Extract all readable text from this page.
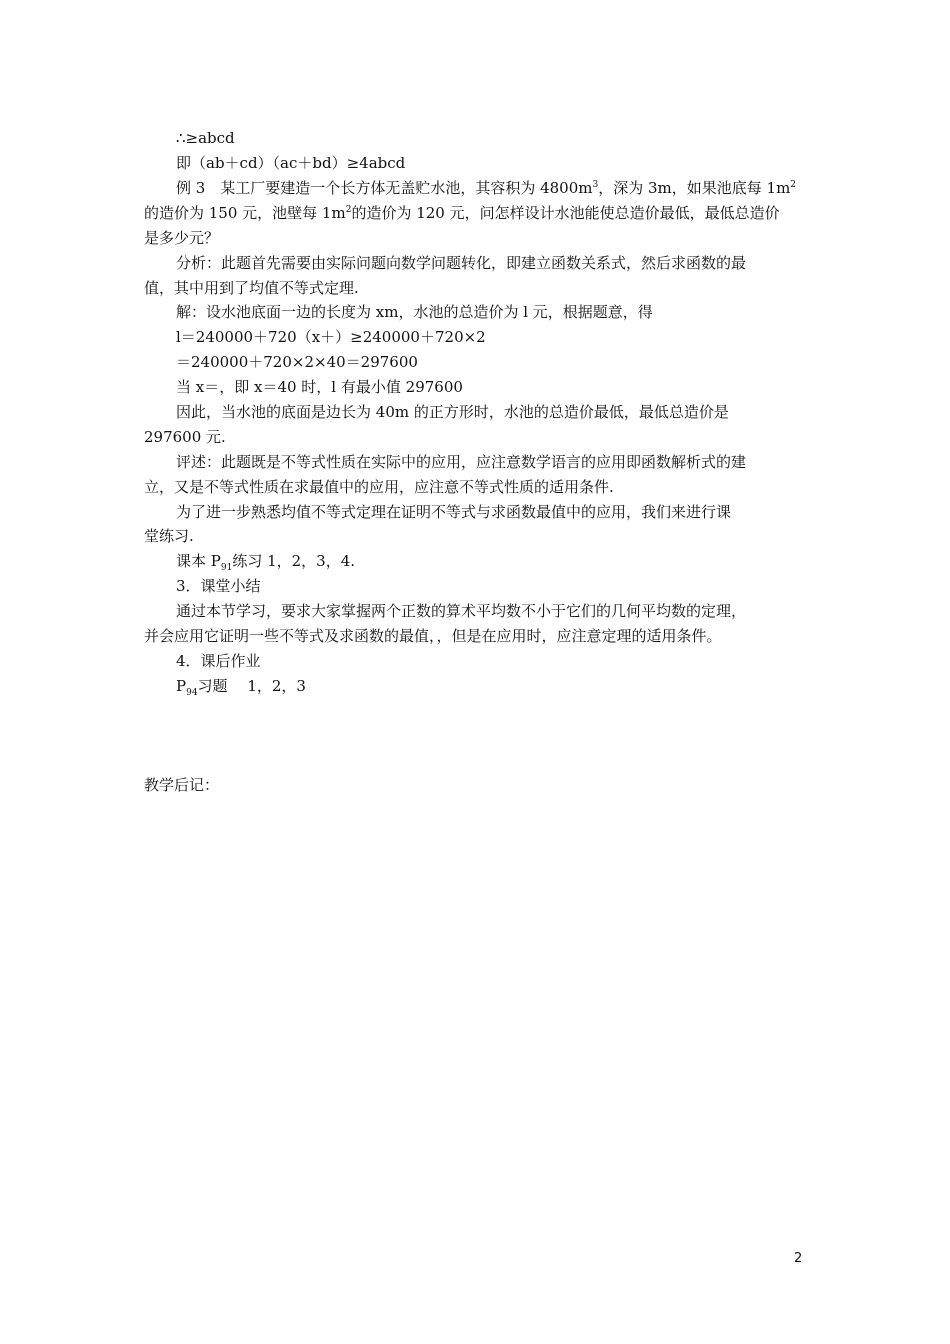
∴≥abcd
即（ab＋cd）（ac＋bd）≥4abcd
例 3　某工厂要建造一个长方体无盖贮水池，其容积为 $4800m^3$，深为 3m，如果池底每 $1m^2$
的造价为 150 元，池壁每 $1m^2$的造价为 120 元，问怎样设计水池能使总造价最低，最低总造价
是多少元？
分析：此题首先需要由实际问题向数学问题转化，即建立函数关系式，然后求函数的最
值，其中用到了均值不等式定理.
解：设水池底面一边的长度为 xm，水池的总造价为 l 元，根据题意，得
l＝240000＋720（x＋）≥240000＋720×2
＝240000＋720×2×40＝297600
当 x＝，即 x＝40 时，l 有最小值 297600
因此，当水池的底面是边长为 40m 的正方形时，水池的总造价最低，最低总造价是
297600 元.
评述：此题既是不等式性质在实际中的应用，应注意数学语言的应用即函数解析式的建
立，又是不等式性质在求最值中的应用，应注意不等式性质的适用条件.
为了进一步熟悉均值不等式定理在证明不等式与求函数最值中的应用，我们来进行课
堂练习.
课本 $P_{91}$练习 1，2，3，4.
3．课堂小结
通过本节学习，要求大家掌握两个正数的算术平均数不小于它们的几何平均数的定理，
并会应用它证明一些不等式及求函数的最值，，但是在应用时，应注意定理的适用条件。
4．课后作业
$P_{94}$习题　 1，2，3
教学后记：
2
